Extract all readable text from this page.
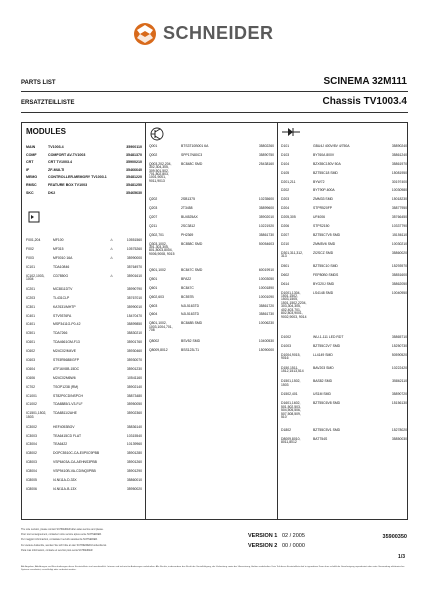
SCHNEIDER
PARTS LIST
ERSATZTEILLISTE
SCINEMA 32M111
Chassis TV1003.4
MODULES
MAIN	TV1003.4	35900110
COMF	COMFORT AV-TV1003	35481370
CRT	CRT TV1003.4	35900210
IF	ZF-MULTI	35466640
MEMO	CONTROLLER-MEMORY TV1003.1	35481220
RMSC	FEATURE BOX TV1003	35481250
SKC	DK2	35465630
F001,204	MF100	⚠	10551560
F002	MF315	⚠	10575260
F003	MF0010 16A	⚠	35990000
IC101	TDA10846	35764970
IC102,1003, 1004
CD7850G	⚠	35901610
IC201	MC3811DTV	35990790
IC203	TL431CLP	35767010
IC301	KA7631/MHTP	35990010
IC401	STV9376FA	15470470
IC401	MSP3411G-P0-42	35899850
IC501	TDA7266	35830210
IC601	TDA4661GM-F13	35901760
IC602	M24C02/M4VE	35930460
IC603	ST93R5688/GFP	35930070
IC604	ATF16V8B-15DC	35901230
IC606	M24C02M6W6	10541160
IC702	TSOP1238 (RM)	35902140
IC1001	ST82P0CD/NSPCH	35873480
IC1002	TDA8885/1-V3-FLF	35950050
IC1501,1502, 1503
TDA8811/2AHE	35902360
IC3002	HEF4053BGV	35836140
IC3003	TEA6415CD FLAT	10315540
IC3004	TEA6422	10139960
IC8002	DOPC5510C-CA-E0P0C9PBB	35901280
IC8003	VSP6403A-CA-AEHNS3PBB	35901260
IC8004	VSP9410B-VA-CD/NQ0PBB	35901290
IC8005	I4.NI11A-D-33X	35860010
IC8006	I4.NI11A-B-13X	35950020
Q001	BTS3T10B001 6A	35802260
Q002	SPP17N80C3	35890750
Q003,202,204, 302,304,305, 309,501,502, 701,802,803, 1001,9001, 9011,9013
BC848C SMD	25438160
Q202	2SB1375	10235600
Q203	2T3458	35899600
Q207	BU4525AX	35902010
Q211	2SC3812	10221920
Q302,701	PH2369	35861730
Q303,1002, 301,303,305, 801,8003,8004, 9006,9008, 9015
BC858C SMD	50054603
Q501,1002	BC847C SMD	60019910
Q501	BFA22	10003050
Q601	BC847C	10001890
Q602,603	BC557B	10001090
Q603	NJL5163TD	35861720
Q604	NJL5163TD	35861730
Q801,1002, 1003,1004,701, 708
BC848B SMD	10006230
Q8002	BSV52 SMD	10400530
Q8009,8012	BSS123LT1	15090000
D101	GBU4J 400V/8V 4/750A	35890240
D103	BY760A 800V	35861240
D104	BZX55C150V 50A	35861970
D105	BZT55C18 SMD	15081950
D201,211	BYW72	30197400
D202	BYT90P-600A	10030980
D203	ZMM33 SMD	15018230
D204	STPR520FP	35877950
D205,305	UF4006	35766450
D206	STPS2150	10337790
D207	BZT55C7V5 SMD	15156110
D210	ZMM5V6 SMD	10030210
D301,311,312, 313
ZI2SCZ SMD	35860020
D501	BZT55C10 SMD	15293970
D602	FEP80B0 SMDS	35851600
D614	BYG20J SMD	35862050
D1001,1304, 1501,1502, 1503,1505, 1501,1502,2204, 303,304,305, 402,403,701, 802,803,9001, 9002,9003, 9014
LS4148 SMD	10040950
D1002	WU-1-111 LED RDT	35865710
D1003	BZT55C2V7 SMD	15250730
D1004,9015, 9016
LL4149 SMD	50590520
D150,1511, 1512,1513,514
BAV203 SMD	10222420
D1501,1502, 1503
BAS82 SMD	35862110
D1502,401	US1M SMD	35890720
D1601,1602, 501,502,503, 504,505,506, 507,508,509, 510
BZT55C6V8 SMD	15156130
D1802	BZT55C5V1 SMD	15278020
D8009,8010, 8011,8012
BAT754S	35850030
The sole revision, please contact SCHNEIDER after-sales service and please.
Pour tout renseignement, contactez notre service apres-vente SCHNEIDER.
Per maggiori informazioni, contattate il servizio assistenza SCHNEIDER.
Fur weitere Auskunfte, wenden Sie sich bitte an den SCHNEIDER-Kundendienst.
Para mas informacion, contacte el servicio post-venta SCHNEIDER.
VERSION 1 02 / 2005
VERSION 2 00 / 0000
35900350
1/3
Alle Angaben, Abbildungen und Beschreibungen dieser Ersatzteilliste sind unverbindlich. Irrtumer und technische Anderungen vorbehalten. Alle Rechte, insbesondere das Recht der Vervielfaltigung, der Verbreitung sowie der Ubersetzung, bleiben vorbehalten. Kein Teil dieser Ersatzteilliste darf in irgendeiner Form ohne schriftliche Genehmigung reproduziert oder unter Verwendung elektronischer Systeme verarbeitet, vervielfaltigt oder verbreitet werden.
